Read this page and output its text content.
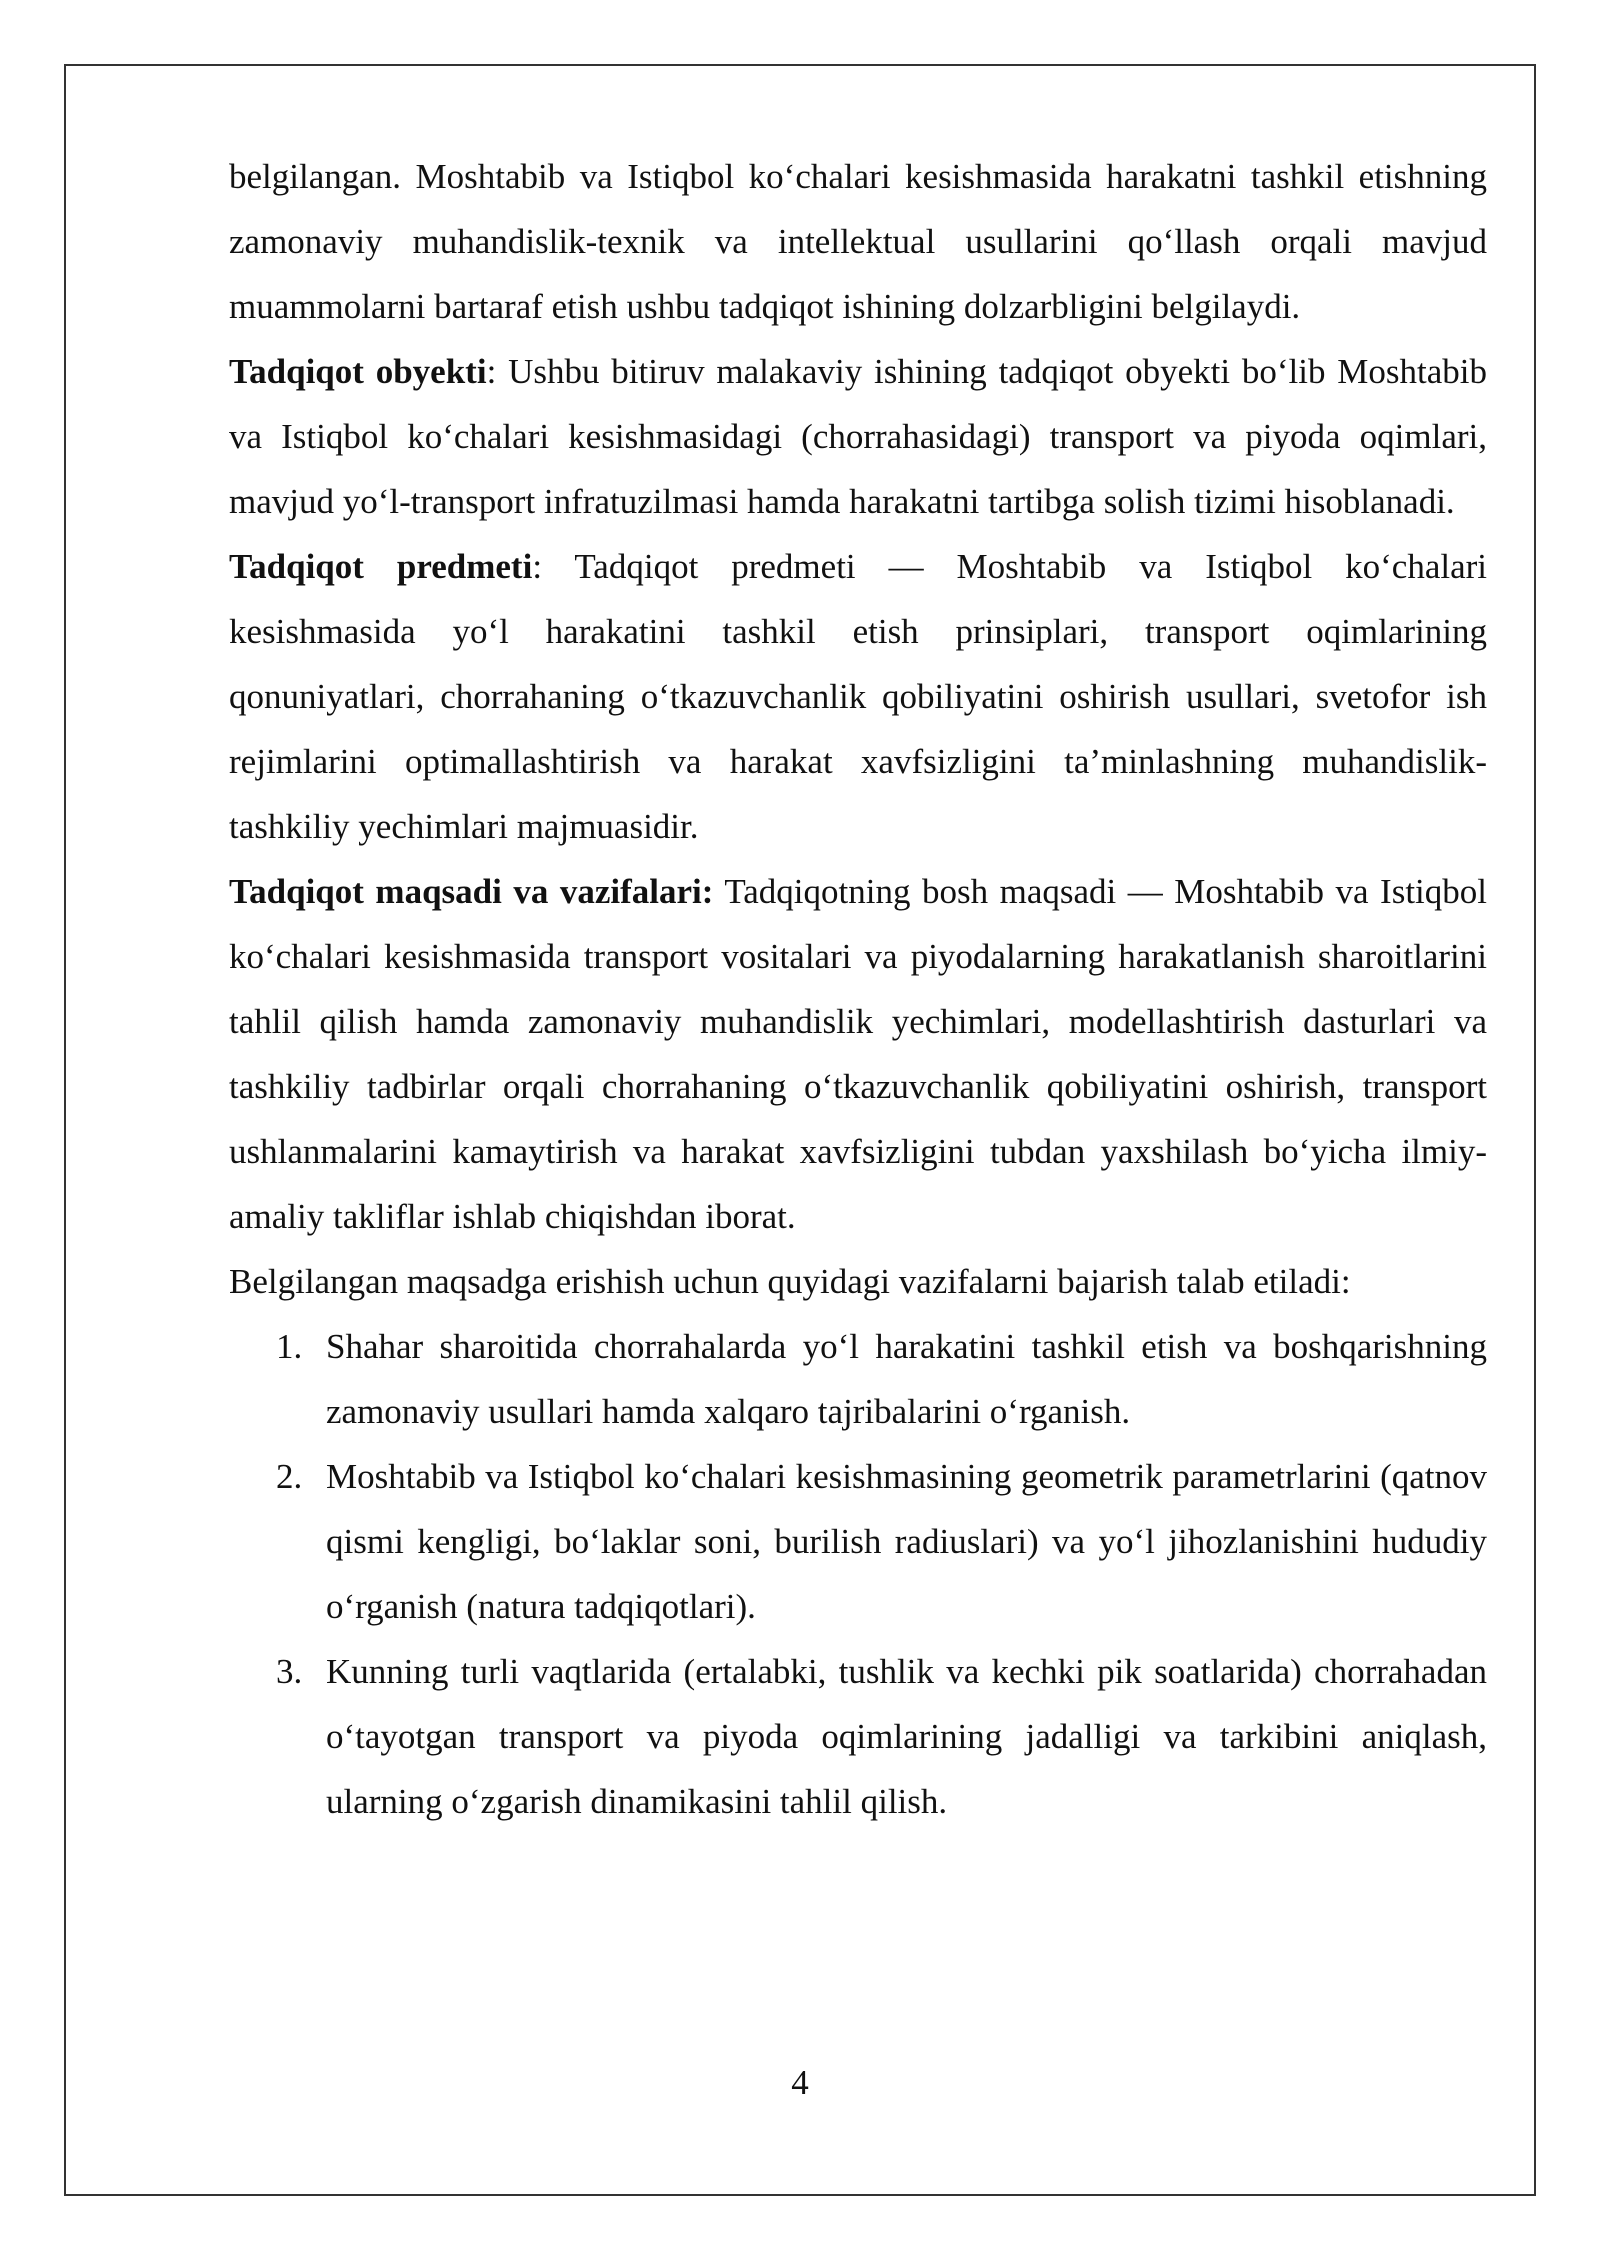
belgilangan. Moshtabib va Istiqbol ko‘chalari kesishmasida harakatni tashkil etishning zamonaviy muhandislik-texnik va intellektual usullarini qo‘llash orqali mavjud muammolarni bartaraf etish ushbu tadqiqot ishining dolzarbligini belgilaydi.

Tadqiqot obyekti: Ushbu bitiruv malakaviy ishining tadqiqot obyekti bo‘lib Moshtabib va Istiqbol ko‘chalari kesishmasidagi (chorrahasidagi) transport va piyoda oqimlari, mavjud yo‘l-transport infratuzilmasi hamda harakatni tartibga solish tizimi hisoblanadi.

Tadqiqot predmeti: Tadqiqot predmeti — Moshtabib va Istiqbol ko‘chalari kesishmasida yo‘l harakatini tashkil etish prinsiplari, transport oqimlarining qonuniyatlari, chorrahaning o‘tkazuvchanlik qobiliyatini oshirish usullari, svetofor ish rejimlarini optimallashtirish va harakat xavfsizligini ta’minlashning muhandislik-tashkiliy yechimlari majmuasidir.

Tadqiqot maqsadi va vazifalari: Tadqiqotning bosh maqsadi — Moshtabib va Istiqbol ko‘chalari kesishmasida transport vositalari va piyodalarning harakatlanish sharoitlarini tahlil qilish hamda zamonaviy muhandislik yechimlari, modellashtirish dasturlari va tashkiliy tadbirlar orqali chorrahaning o‘tkazuvchanlik qobiliyatini oshirish, transport ushlanmalarini kamaytirish va harakat xavfsizligini tubdan yaxshilash bo‘yicha ilmiy-amaliy takliflar ishlab chiqishdan iborat.

Belgilangan maqsadga erishish uchun quyidagi vazifalarni bajarish talab etiladi:

1. Shahar sharoitida chorrahalarda yo‘l harakatini tashkil etish va boshqarishning zamonaviy usullari hamda xalqaro tajribalarini o‘rganish.
2. Moshtabib va Istiqbol ko‘chalari kesishmasining geometrik parametrlarini (qatnov qismi kengligi, bo‘laklar soni, burilish radiuslari) va yo‘l jihozlanishini hududiy o‘rganish (natura tadqiqotlari).
3. Kunning turli vaqtlarida (ertalabki, tushlik va kechki pik soatlarida) chorrahadan o‘tayotgan transport va piyoda oqimlarining jadalligi va tarkibini aniqlash, ularning o‘zgarish dinamikasini tahlil qilish.
4
